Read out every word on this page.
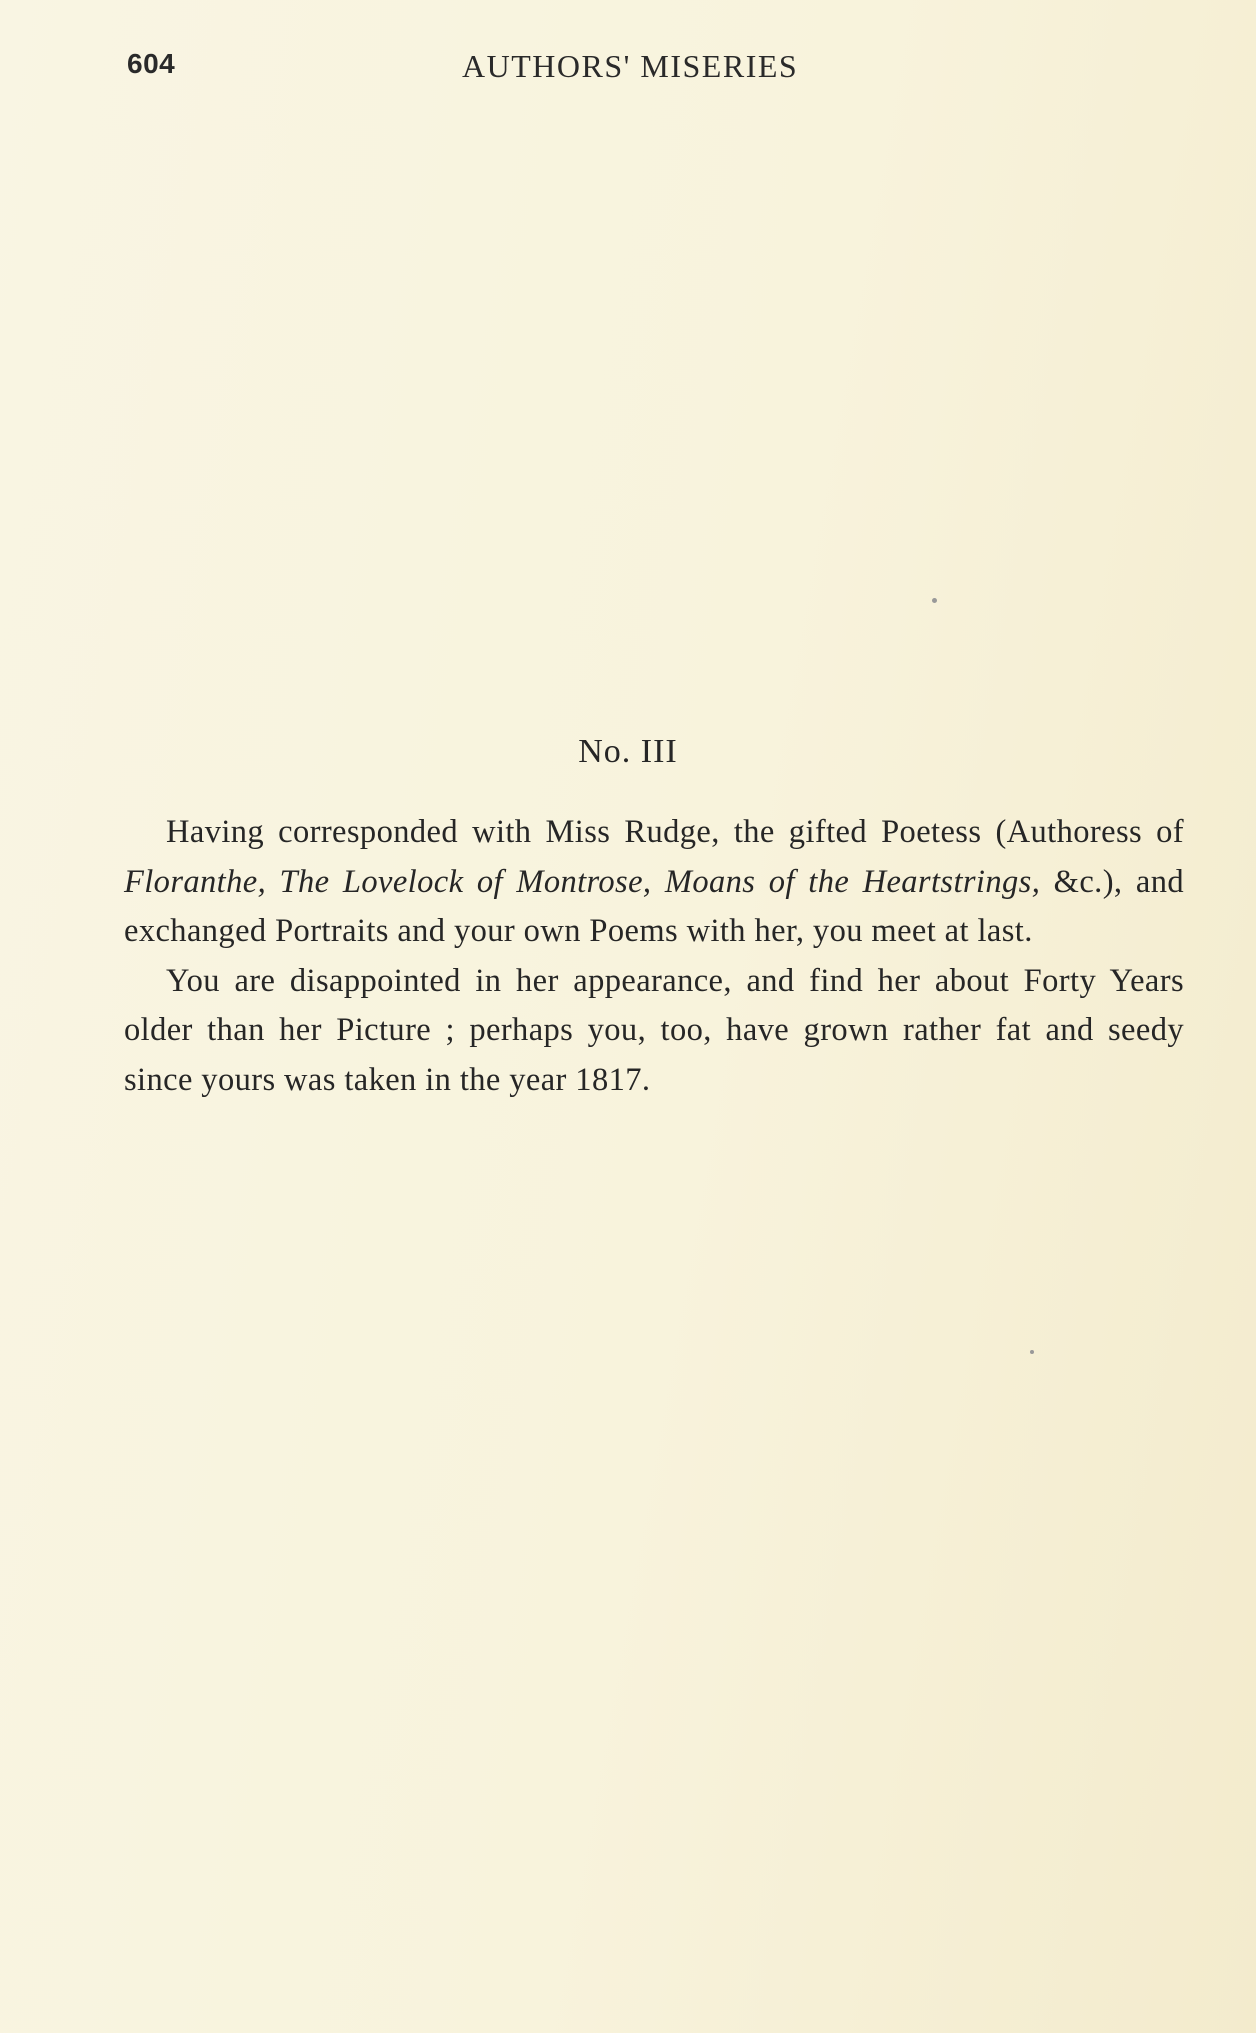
604	AUTHORS' MISERIES
No. III

Having corresponded with Miss Rudge, the gifted Poetess (Authoress of Floranthe, The Lovelock of Montrose, Moans of the Heartstrings, &c.), and exchanged Portraits and your own Poems with her, you meet at last.

You are disappointed in her appearance, and find her about Forty Years older than her Picture ; perhaps you, too, have grown rather fat and seedy since yours was taken in the year 1817.
